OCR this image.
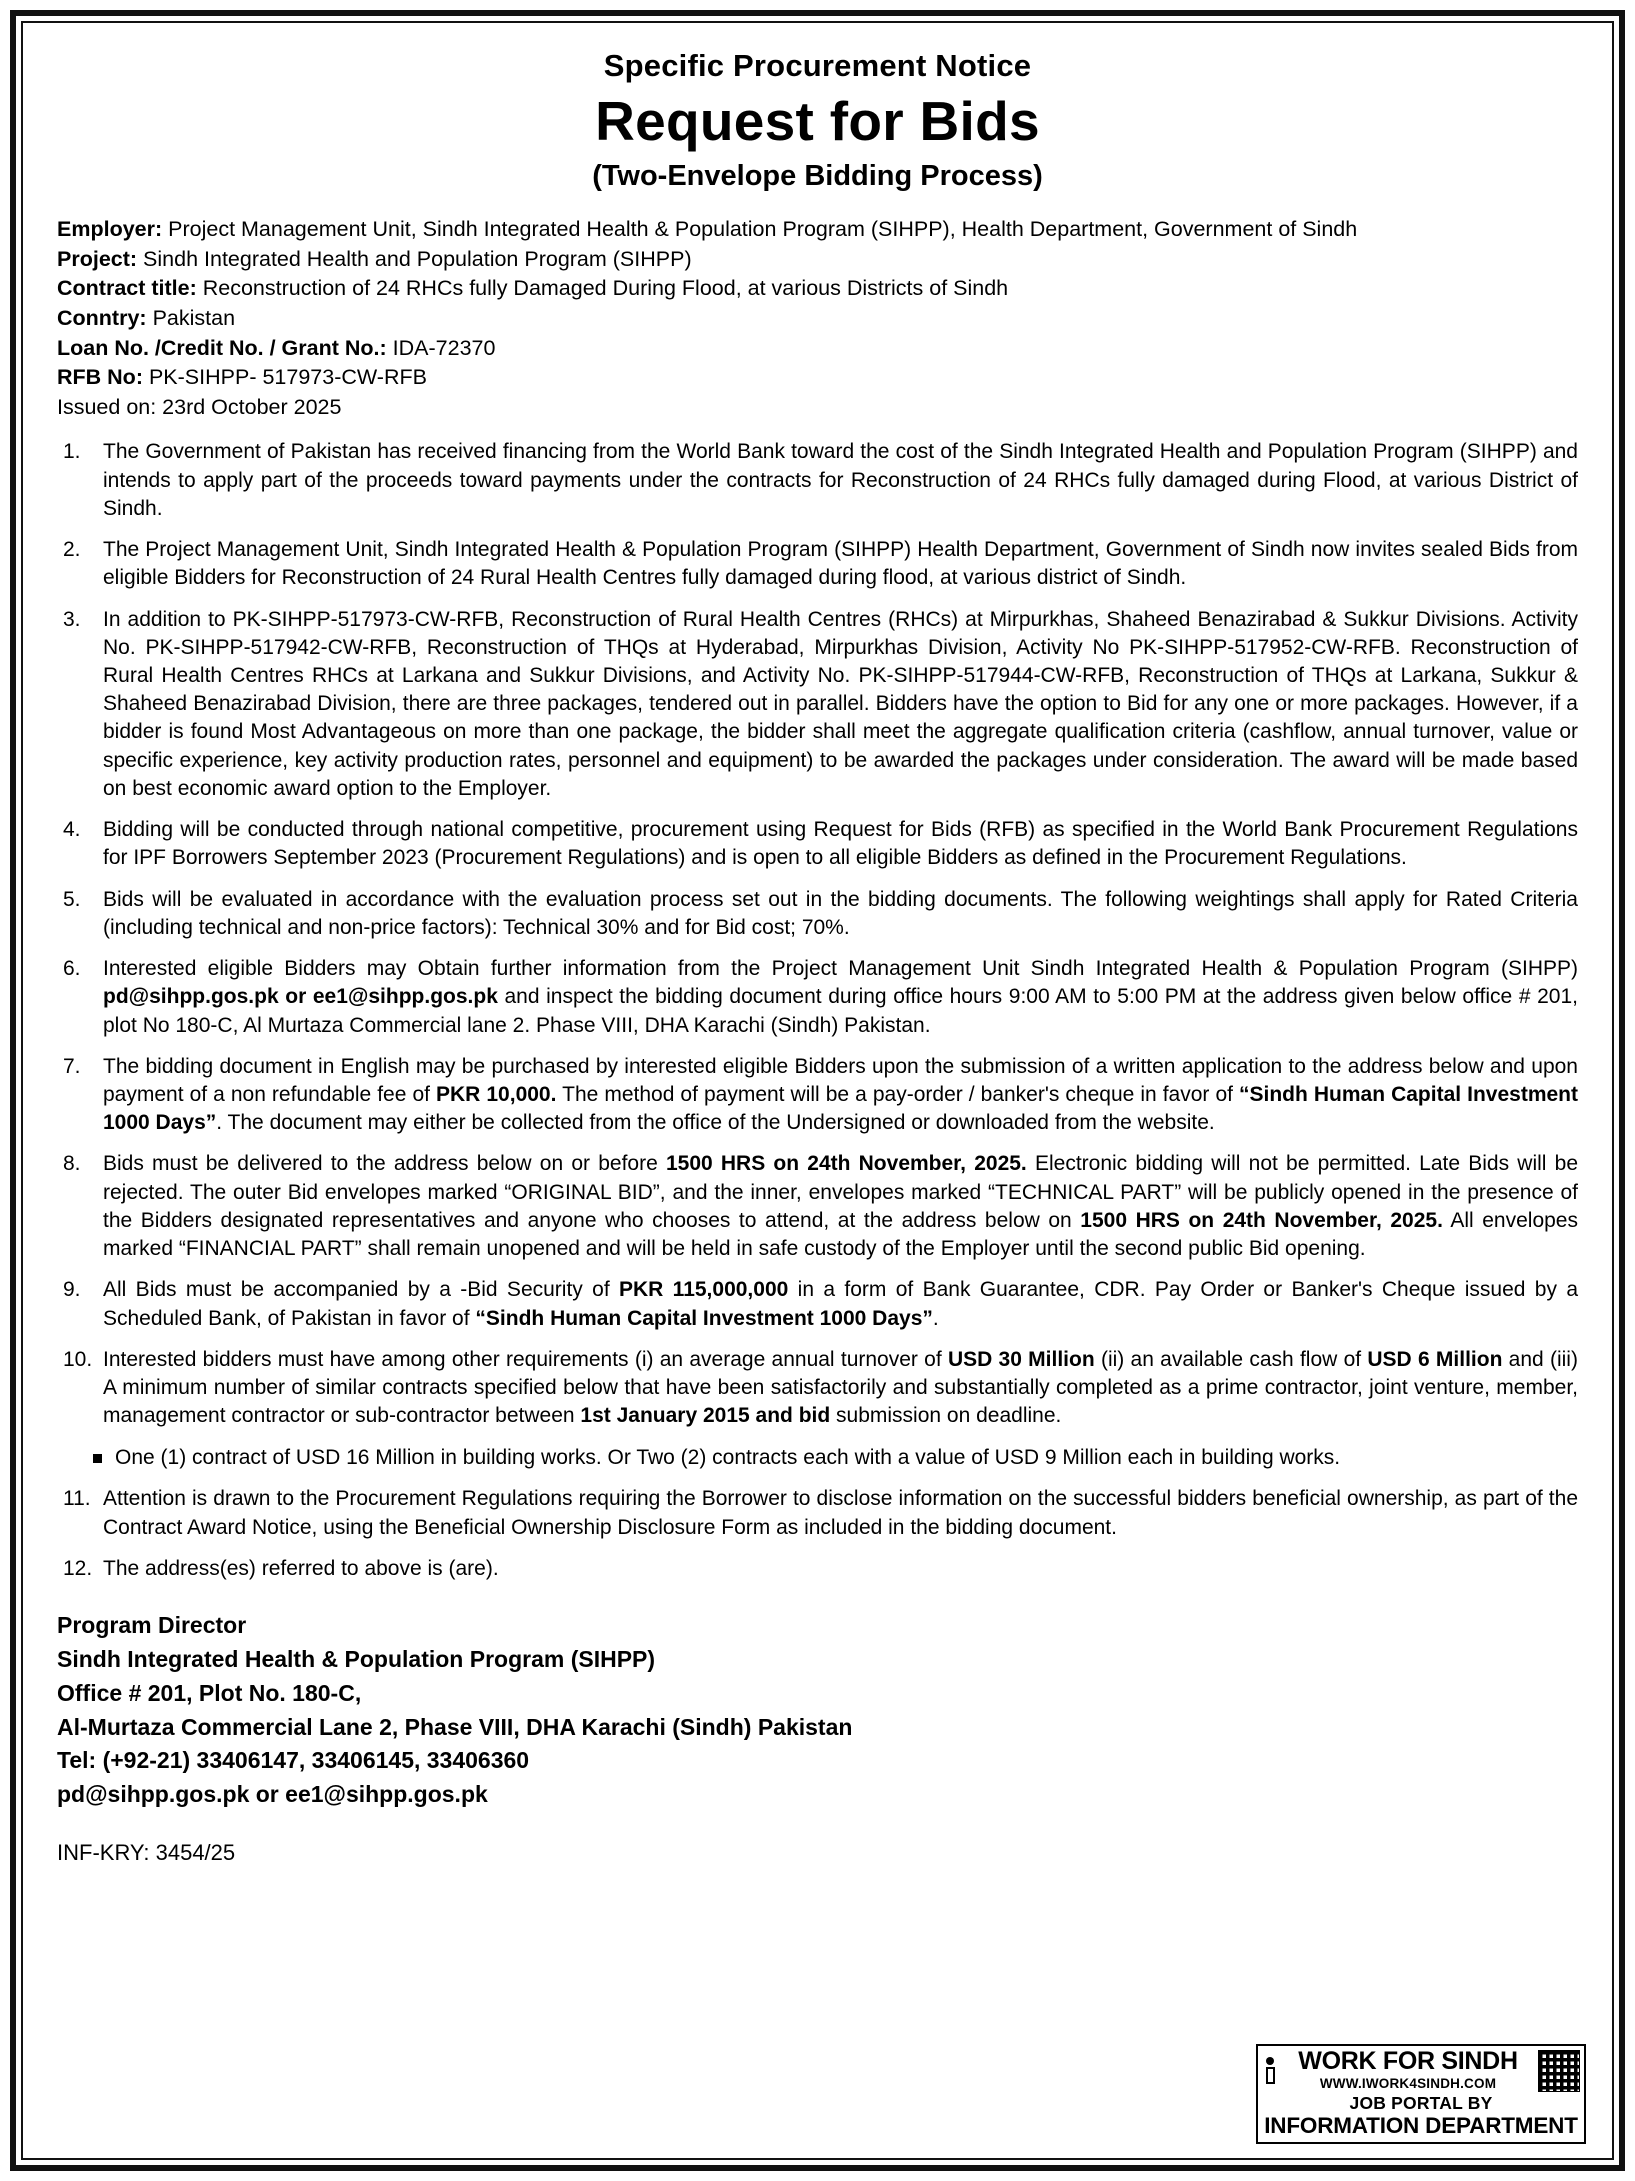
Specific Procurement Notice
Request for Bids
(Two-Envelope Bidding Process)
Employer: Project Management Unit, Sindh Integrated Health & Population Program (SIHPP), Health Department, Government of Sindh
Project: Sindh Integrated Health and Population Program (SIHPP)
Contract title: Reconstruction of 24 RHCs fully Damaged During Flood, at various Districts of Sindh
Conntry: Pakistan
Loan No. /Credit No. / Grant No.: IDA-72370
RFB No: PK-SIHPP- 517973-CW-RFB
Issued on: 23rd October 2025
1.	The Government of Pakistan has received financing from the World Bank toward the cost of the Sindh Integrated Health and Population Program (SIHPP) and intends to apply part of the proceeds toward payments under the contracts for Reconstruction of 24 RHCs fully damaged during Flood, at various District of Sindh.
2.	The Project Management Unit, Sindh Integrated Health & Population Program (SIHPP) Health Department, Government of Sindh now invites sealed Bids from eligible Bidders for Reconstruction of 24 Rural Health Centres fully damaged during flood, at various district of Sindh.
3.	In addition to PK-SIHPP-517973-CW-RFB, Reconstruction of Rural Health Centres (RHCs) at Mirpurkhas, Shaheed Benazirabad & Sukkur Divisions. Activity No. PK-SIHPP-517942-CW-RFB, Reconstruction of THQs at Hyderabad, Mirpurkhas Division, Activity No PK-SIHPP-517952-CW-RFB. Reconstruction of Rural Health Centres RHCs at Larkana and Sukkur Divisions, and Activity No. PK-SIHPP-517944-CW-RFB, Reconstruction of THQs at Larkana, Sukkur & Shaheed Benazirabad Division, there are three packages, tendered out in parallel. Bidders have the option to Bid for any one or more packages. However, if a bidder is found Most Advantageous on more than one package, the bidder shall meet the aggregate qualification criteria (cashflow, annual turnover, value or specific experience, key activity production rates, personnel and equipment) to be awarded the packages under consideration. The award will be made based on best economic award option to the Employer.
4.	Bidding will be conducted through national competitive, procurement using Request for Bids (RFB) as specified in the World Bank Procurement Regulations for IPF Borrowers September 2023 (Procurement Regulations) and is open to all eligible Bidders as defined in the Procurement Regulations.
5.	Bids will be evaluated in accordance with the evaluation process set out in the bidding documents. The following weightings shall apply for Rated Criteria (including technical and non-price factors): Technical 30% and for Bid cost; 70%.
6.	Interested eligible Bidders may Obtain further information from the Project Management Unit Sindh Integrated Health & Population Program (SIHPP) pd@sihpp.gos.pk or ee1@sihpp.gos.pk and inspect the bidding document during office hours 9:00 AM to 5:00 PM at the address given below office # 201, plot No 180-C, Al Murtaza Commercial lane 2. Phase VIII, DHA Karachi (Sindh) Pakistan.
7.	The bidding document in English may be purchased by interested eligible Bidders upon the submission of a written application to the address below and upon payment of a non refundable fee of PKR 10,000. The method of payment will be a pay-order / banker's cheque in favor of “Sindh Human Capital Investment 1000 Days”. The document may either be collected from the office of the Undersigned or downloaded from the website.
8.	Bids must be delivered to the address below on or before 1500 HRS on 24th November, 2025. Electronic bidding will not be permitted. Late Bids will be rejected. The outer Bid envelopes marked “ORIGINAL BID”, and the inner, envelopes marked “TECHNICAL PART” will be publicly opened in the presence of the Bidders designated representatives and anyone who chooses to attend, at the address below on 1500 HRS on 24th November, 2025. All envelopes marked “FINANCIAL PART” shall remain unopened and will be held in safe custody of the Employer until the second public Bid opening.
9.	All Bids must be accompanied by a -Bid Security of PKR 115,000,000 in a form of Bank Guarantee, CDR. Pay Order or Banker's Cheque issued by a Scheduled Bank, of Pakistan in favor of “Sindh Human Capital Investment 1000 Days”.
10. Interested bidders must have among other requirements (i) an average annual turnover of USD 30 Million (ii) an available cash flow of USD 6 Million and (iii) A minimum number of similar contracts specified below that have been satisfactorily and substantially completed as a prime contractor, joint venture, member, management contractor or sub-contractor between 1st January 2015 and bid submission on deadline.
One (1) contract of USD 16 Million in building works. Or Two (2) contracts each with a value of USD 9 Million each in building works.
11. Attention is drawn to the Procurement Regulations requiring the Borrower to disclose information on the successful bidders beneficial ownership, as part of the Contract Award Notice, using the Beneficial Ownership Disclosure Form as included in the bidding document.
12. The address(es) referred to above is (are).
Program Director
Sindh Integrated Health & Population Program (SIHPP)
Office # 201, Plot No. 180-C,
Al-Murtaza Commercial Lane 2, Phase VIII, DHA Karachi (Sindh) Pakistan
Tel: (+92-21) 33406147, 33406145, 33406360
pd@sihpp.gos.pk or ee1@sihpp.gos.pk
INF-KRY: 3454/25
WORK FOR SINDH
WWW.IWORK4SINDH.COM
JOB PORTAL BY
INFORMATION DEPARTMENT
